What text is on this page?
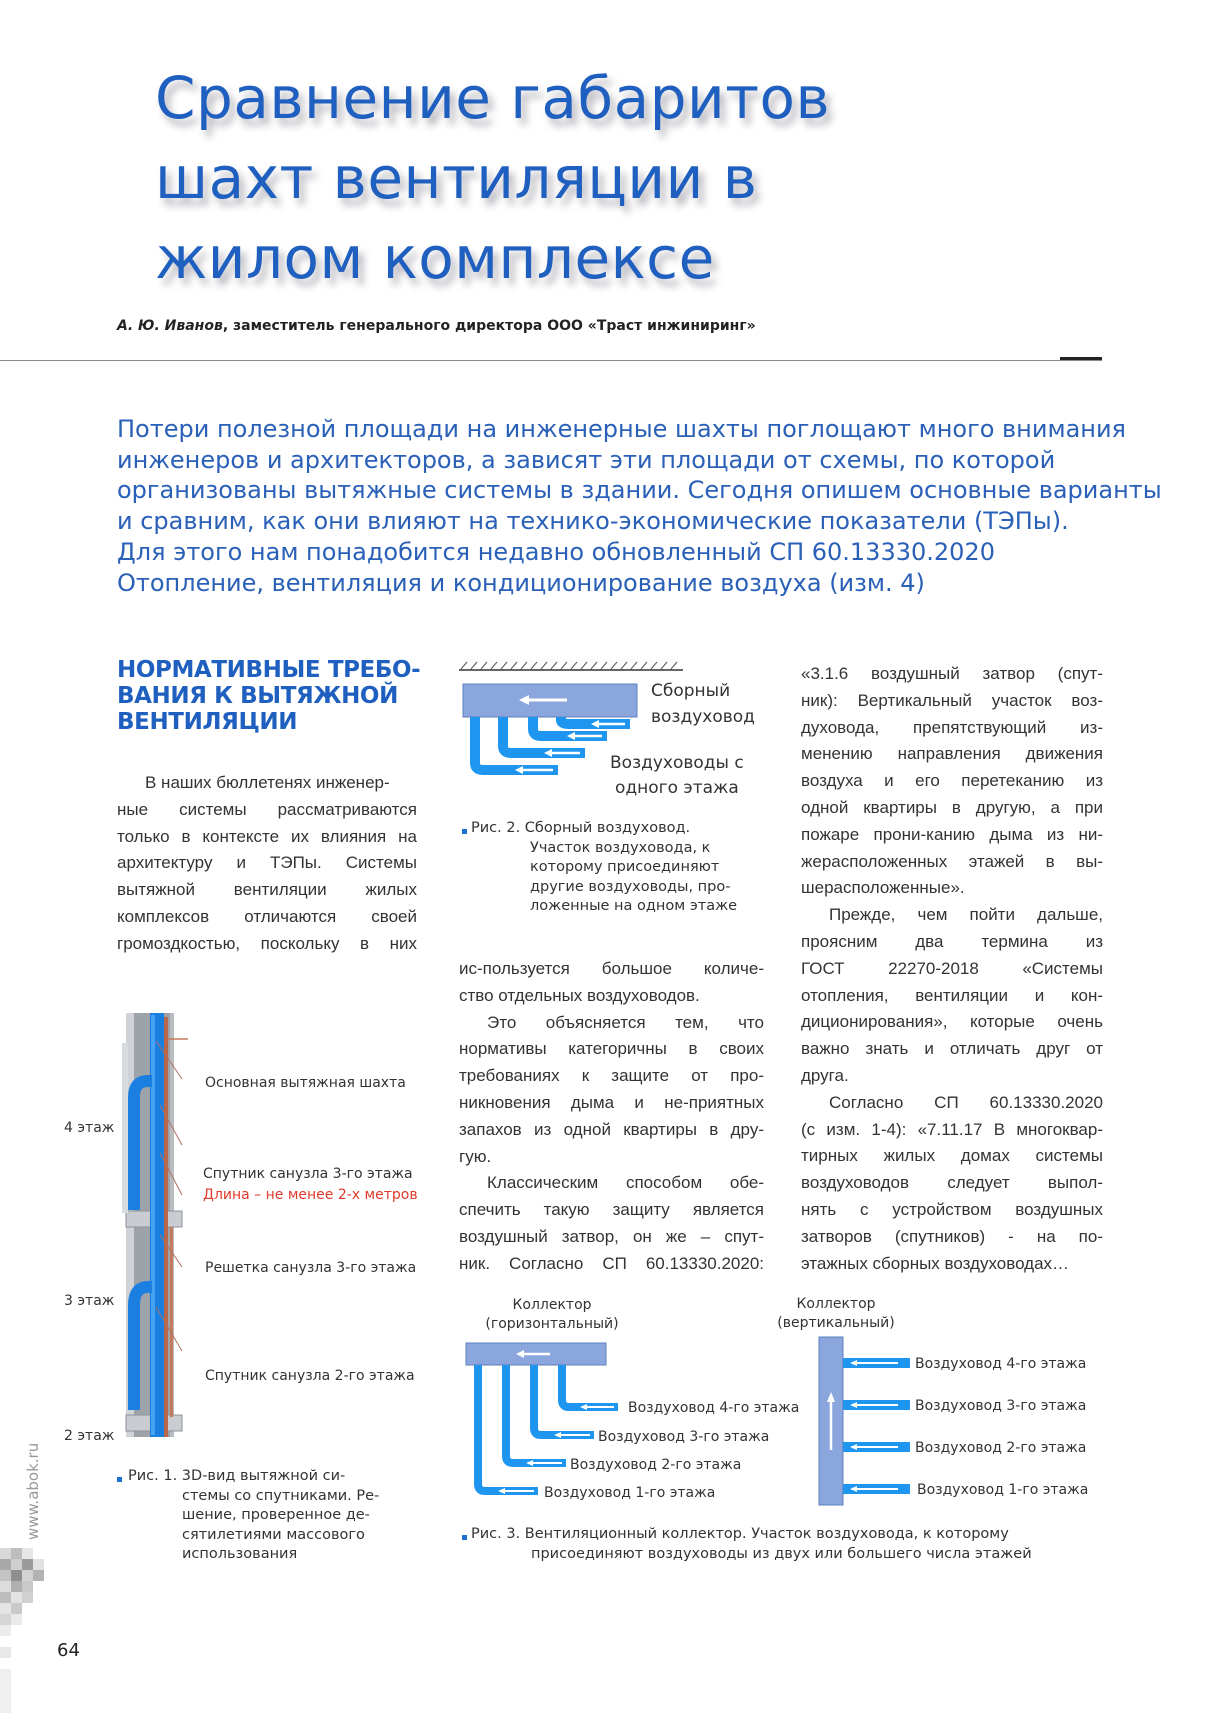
Сравнение габаритов
шахт вентиляции в
жилом комплексе
А. Ю. Иванов, заместитель генерального директора ООО «Траст инжиниринг»

Потери полезной площади на инженерные шахты поглощают много внимания
инженеров и архитекторов, а зависят эти площади от схемы, по которой
организованы вытяжные системы в здании. Сегодня опишем основные варианты
и сравним, как они влияют на технико-экономические показатели (ТЭПы).

Для этого нам понадобится недавно обновленный СП 60.13330.2020
Отопление, вентиляция и кондиционирование воздуха (изм. 4)

НОРМАТИВНЫЕ ТРЕБО-
ВАНИЯ К ВЫТЯЖНОЙ
ВЕНТИЛЯЦИИ
В наших бюллетенях инженер-
ные системы рассматриваются
только в контексте их влияния на
архитектуру и ТЭПы. Системы
вытяжной вентиляции жилых
комплексов отличаются своей
громоздкостью, поскольку в них
ис-пользуется большое количе-
ство отдельных воздуховодов.
Это объясняется тем, что
нормативы категоричны в своих
требованиях к защите от про-
никновения дыма и не-приятных
запахов из одной квартиры в дру-
гую.
Классическим способом обе-
спечить такую защиту является
воздушный затвор, он же – спут-
ник. Согласно СП 60.13330.2020:
«3.1.6 воздушный затвор (спут-
ник): Вертикальный участок воз-
духовода, препятствующий из-
менению направления движения
воздуха и его перетеканию из
одной квартиры в другую, а при
пожаре прони-канию дыма из ни-
жерасположенных этажей в вы-
шерасположенные».
Прежде, чем пойти дальше,
проясним два термина из
ГОСТ 22270-2018 «Системы
отопления, вентиляции и кон-
диционирования», которые очень
важно знать и отличать друг от
друга.
Согласно СП 60.13330.2020
(с изм. 1-4): «7.11.17 В многоквар-
тирных жилых домах системы
воздуховодов следует выпол-
нять с устройством воздушных
затворов (спутников) - на по-
этажных сборных воздуховодах…
Сборный
воздуховод
Воздуховоды с
одного этажа
Рис. 2. Сборный воздуховод.
Участок воздуховода, к
которому присоединяют
другие воздуховоды, про-
ложенные на одном этаже
Основная вытяжная шахта
Спутник санузла 3-го этажа
Длина – не менее 2-х метров
Решетка санузла 3-го этажа
Спутник санузла 2-го этажа
4 этаж
3 этаж
2 этаж
Рис. 1. 3D-вид вытяжной си-
стемы со спутниками. Ре-
шение, проверенное де-
сятилетиями массового
использования
Коллектор
(горизонтальный)
Воздуховод 4-го этажа
Воздуховод 3-го этажа
Воздуховод 2-го этажа
Воздуховод 1-го этажа
Коллектор
(вертикальный)
Воздуховод 4-го этажа
Воздуховод 3-го этажа
Воздуховод 2-го этажа
Воздуховод 1-го этажа
Рис. 3. Вентиляционный коллектор. Участок воздуховода, к которому
присоединяют воздуховоды из двух или большего числа этажей
www.abok.ru
64
